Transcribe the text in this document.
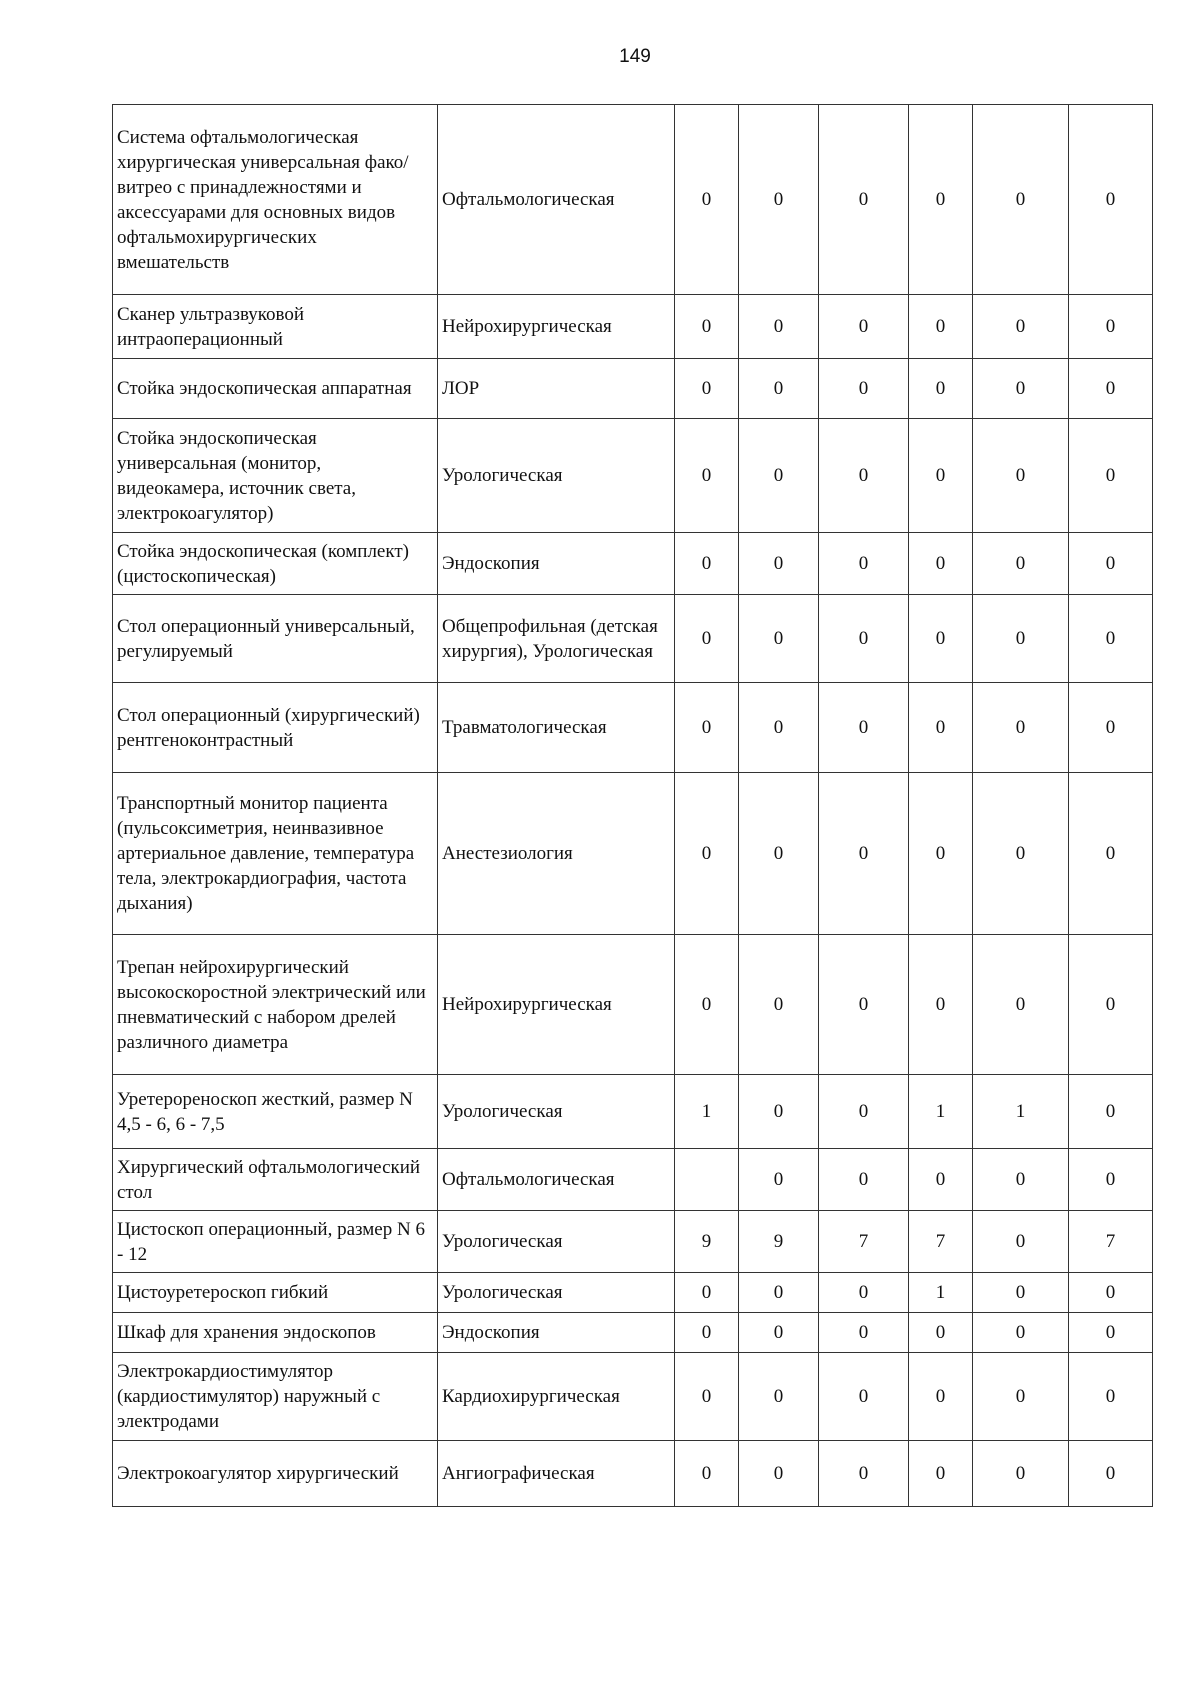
149
Система офтальмологическая хирургическая универсальная фако/витрео с принадлежностями и аксессуарами для основных видов офтальмохирургических вмешательств	Офтальмологическая	0	0	0	0	0	0
Сканер ультразвуковой интраоперационный	Нейрохирургическая	0	0	0	0	0	0
Стойка эндоскопическая аппаратная	ЛОР	0	0	0	0	0	0
Стойка эндоскопическая универсальная (монитор, видеокамера, источник света, электрокоагулятор)	Урологическая	0	0	0	0	0	0
Стойка эндоскопическая (комплект)(цистоскопическая)	Эндоскопия	0	0	0	0	0	0
Стол операционный универсальный, регулируемый	Общепрофильная (детская хирургия), Урологическая	0	0	0	0	0	0
Стол операционный (хирургический) рентгеноконтрастный	Травматологическая	0	0	0	0	0	0
Транспортный монитор пациента (пульсоксиметрия, неинвазивное артериальное давление, температура тела, электрокардиография, частота дыхания)	Анестезиология	0	0	0	0	0	0
Трепан нейрохирургический высокоскоростной электрический или пневматический с набором дрелей различного диаметра	Нейрохирургическая	0	0	0	0	0	0
Уретерореноскоп жесткий, размер N 4,5 - 6, 6 - 7,5	Урологическая	1	0	0	1	1	0
Хирургический офтальмологический стол	Офтальмологическая		0	0	0	0	0
Цистоскоп операционный, размер N 6 - 12	Урологическая	9	9	7	7	0	7
Цистоуретероскоп гибкий	Урологическая	0	0	0	1	0	0
Шкаф для хранения эндоскопов	Эндоскопия	0	0	0	0	0	0
Электрокардиостимулятор (кардиостимулятор) наружный с электродами	Кардиохирургическая	0	0	0	0	0	0
Электрокоагулятор хирургический	Ангиографическая	0	0	0	0	0	0
